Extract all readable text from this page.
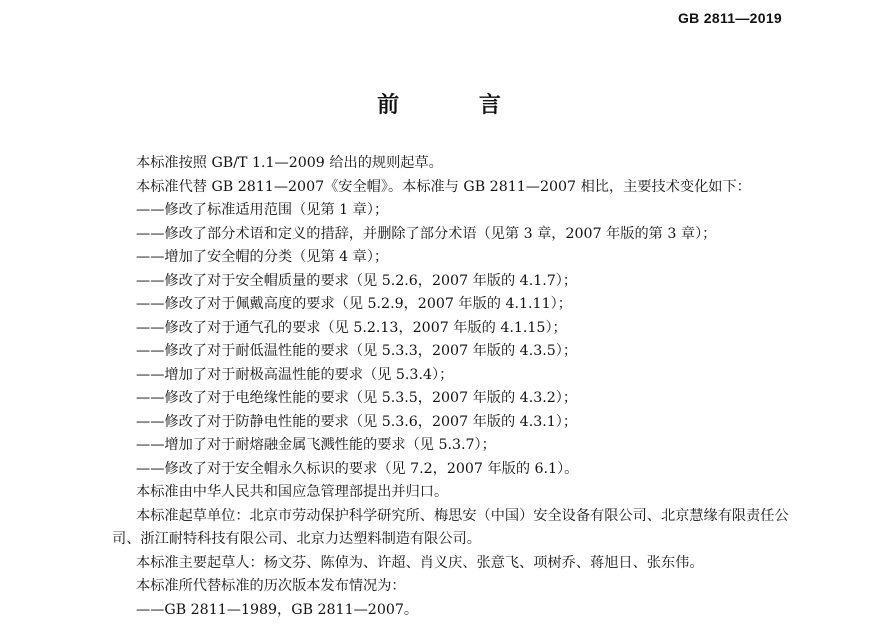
GB 2811—2019
前 言

本标准按照 GB/T 1.1—2009 给出的规则起草。

本标准代替 GB 2811—2007《安全帽》。本标准与 GB 2811—2007 相比，主要技术变化如下：

——修改了标准适用范围（见第 1 章）；

——修改了部分术语和定义的措辞，并删除了部分术语（见第 3 章，2007 年版的第 3 章）；

——增加了安全帽的分类（见第 4 章）；

——修改了对于安全帽质量的要求（见 5.2.6，2007 年版的 4.1.7）；

——修改了对于佩戴高度的要求（见 5.2.9，2007 年版的 4.1.11）；

——修改了对于通气孔的要求（见 5.2.13，2007 年版的 4.1.15）；

——修改了对于耐低温性能的要求（见 5.3.3，2007 年版的 4.3.5）；

——增加了对于耐极高温性能的要求（见 5.3.4）；

——修改了对于电绝缘性能的要求（见 5.3.5，2007 年版的 4.3.2）；

——修改了对于防静电性能的要求（见 5.3.6，2007 年版的 4.3.1）；

——增加了对于耐熔融金属飞溅性能的要求（见 5.3.7）；

——修改了对于安全帽永久标识的要求（见 7.2，2007 年版的 6.1）。

本标准由中华人民共和国应急管理部提出并归口。

本标准起草单位：北京市劳动保护科学研究所、梅思安（中国）安全设备有限公司、北京慧缘有限责任公司、浙江耐特科技有限公司、北京力达塑料制造有限公司。

本标准主要起草人：杨文芬、陈倬为、许超、肖义庆、张意飞、项树乔、蒋旭日、张东伟。

本标准所代替标准的历次版本发布情况为：

——GB 2811—1989，GB 2811—2007。
